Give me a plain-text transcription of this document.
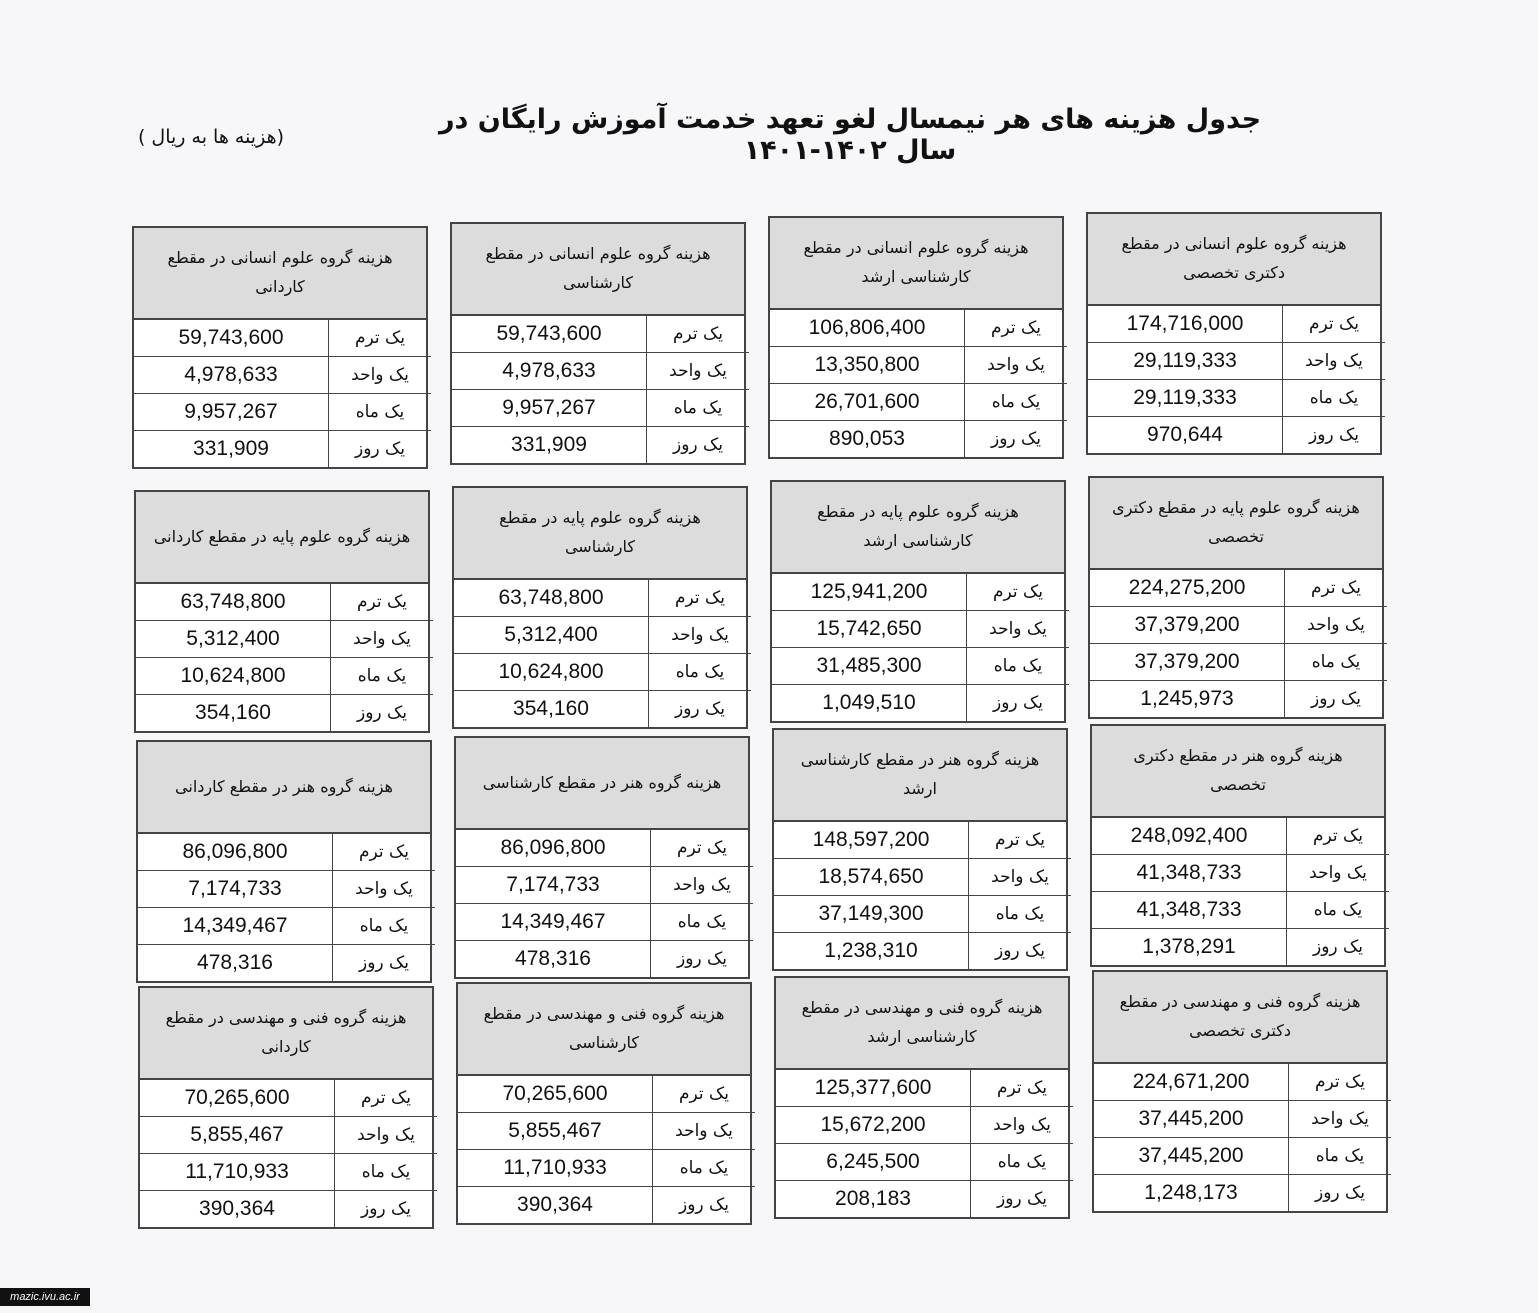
جدول هزینه های هر نیمسال لغو تعهد خدمت آموزش رایگان در سال ۱۴۰۲-۱۴۰۱
(هزینه ها به ریال )
هزینه گروه علوم انسانی در مقطع کاردانی
59,743,600	یک ترم
4,978,633	یک واحد
9,957,267	یک ماه
331,909	یک روز
هزینه گروه علوم انسانی در مقطع کارشناسی
59,743,600	یک ترم
4,978,633	یک واحد
9,957,267	یک ماه
331,909	یک روز
هزینه گروه علوم انسانی در مقطع کارشناسی ارشد
106,806,400	یک ترم
13,350,800	یک واحد
26,701,600	یک ماه
890,053	یک روز
هزینه گروه علوم انسانی در مقطع دکتری تخصصی
174,716,000	یک ترم
29,119,333	یک واحد
29,119,333	یک ماه
970,644	یک روز
هزینه گروه علوم پایه در مقطع کاردانی
63,748,800	یک ترم
5,312,400	یک واحد
10,624,800	یک ماه
354,160	یک روز
هزینه گروه علوم پایه در مقطع کارشناسی
63,748,800	یک ترم
5,312,400	یک واحد
10,624,800	یک ماه
354,160	یک روز
هزینه گروه علوم پایه در مقطع کارشناسی ارشد
125,941,200	یک ترم
15,742,650	یک واحد
31,485,300	یک ماه
1,049,510	یک روز
هزینه گروه علوم پایه در مقطع دکتری تخصصی
224,275,200	یک ترم
37,379,200	یک واحد
37,379,200	یک ماه
1,245,973	یک روز
هزینه گروه هنر در مقطع کاردانی
86,096,800	یک ترم
7,174,733	یک واحد
14,349,467	یک ماه
478,316	یک روز
هزینه گروه هنر در مقطع کارشناسی
86,096,800	یک ترم
7,174,733	یک واحد
14,349,467	یک ماه
478,316	یک روز
هزینه گروه هنر در مقطع کارشناسی ارشد
148,597,200	یک ترم
18,574,650	یک واحد
37,149,300	یک ماه
1,238,310	یک روز
هزینه گروه هنر در مقطع دکتری تخصصی
248,092,400	یک ترم
41,348,733	یک واحد
41,348,733	یک ماه
1,378,291	یک روز
هزینه گروه فنی و مهندسی در مقطع کاردانی
70,265,600	یک ترم
5,855,467	یک واحد
11,710,933	یک ماه
390,364	یک روز
هزینه گروه فنی و مهندسی در مقطع کارشناسی
70,265,600	یک ترم
5,855,467	یک واحد
11,710,933	یک ماه
390,364	یک روز
هزینه گروه فنی و مهندسی در مقطع کارشناسی ارشد
125,377,600	یک ترم
15,672,200	یک واحد
6,245,500	یک ماه
208,183	یک روز
هزینه گروه فنی و مهندسی در مقطع دکتری تخصصی
224,671,200	یک ترم
37,445,200	یک واحد
37,445,200	یک ماه
1,248,173	یک روز
mazic.ivu.ac.ir
